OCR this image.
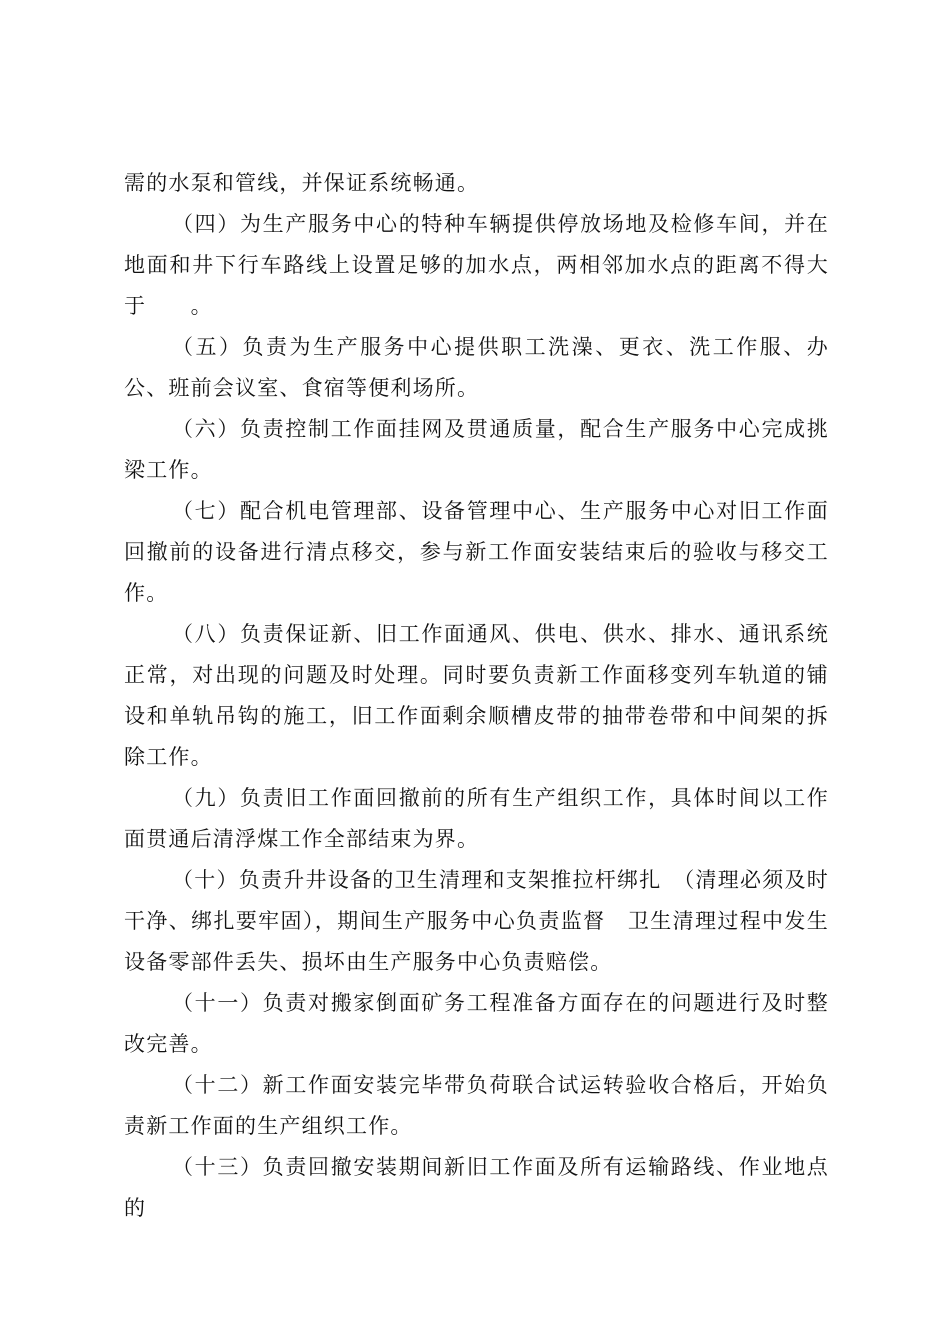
需的水泵和管线，并保证系统畅通。

（四）为生产服务中心的特种车辆提供停放场地及检修车间，并在地面和井下行车路线上设置足够的加水点，两相邻加水点的距离不得大于　　。

（五）负责为生产服务中心提供职工洗澡、更衣、洗工作服、办公、班前会议室、食宿等便利场所。

（六）负责控制工作面挂网及贯通质量，配合生产服务中心完成挑梁工作。

（七）配合机电管理部、设备管理中心、生产服务中心对旧工作面回撤前的设备进行清点移交，参与新工作面安装结束后的验收与移交工作。

（八）负责保证新、旧工作面通风、供电、供水、排水、通讯系统正常，对出现的问题及时处理。同时要负责新工作面移变列车轨道的铺设和单轨吊钩的施工，旧工作面剩余顺槽皮带的抽带卷带和中间架的拆除工作。

（九）负责旧工作面回撤前的所有生产组织工作，具体时间以工作面贯通后清浮煤工作全部结束为界。

（十）负责升井设备的卫生清理和支架推拉杆绑扎　（清理必须及时干净、绑扎要牢固），期间生产服务中心负责监督　卫生清理过程中发生设备零部件丢失、损坏由生产服务中心负责赔偿。

（十一）负责对搬家倒面矿务工程准备方面存在的问题进行及时整改完善。

（十二）新工作面安装完毕带负荷联合试运转验收合格后，开始负责新工作面的生产组织工作。

（十三）负责回撤安装期间新旧工作面及所有运输路线、作业地点的
